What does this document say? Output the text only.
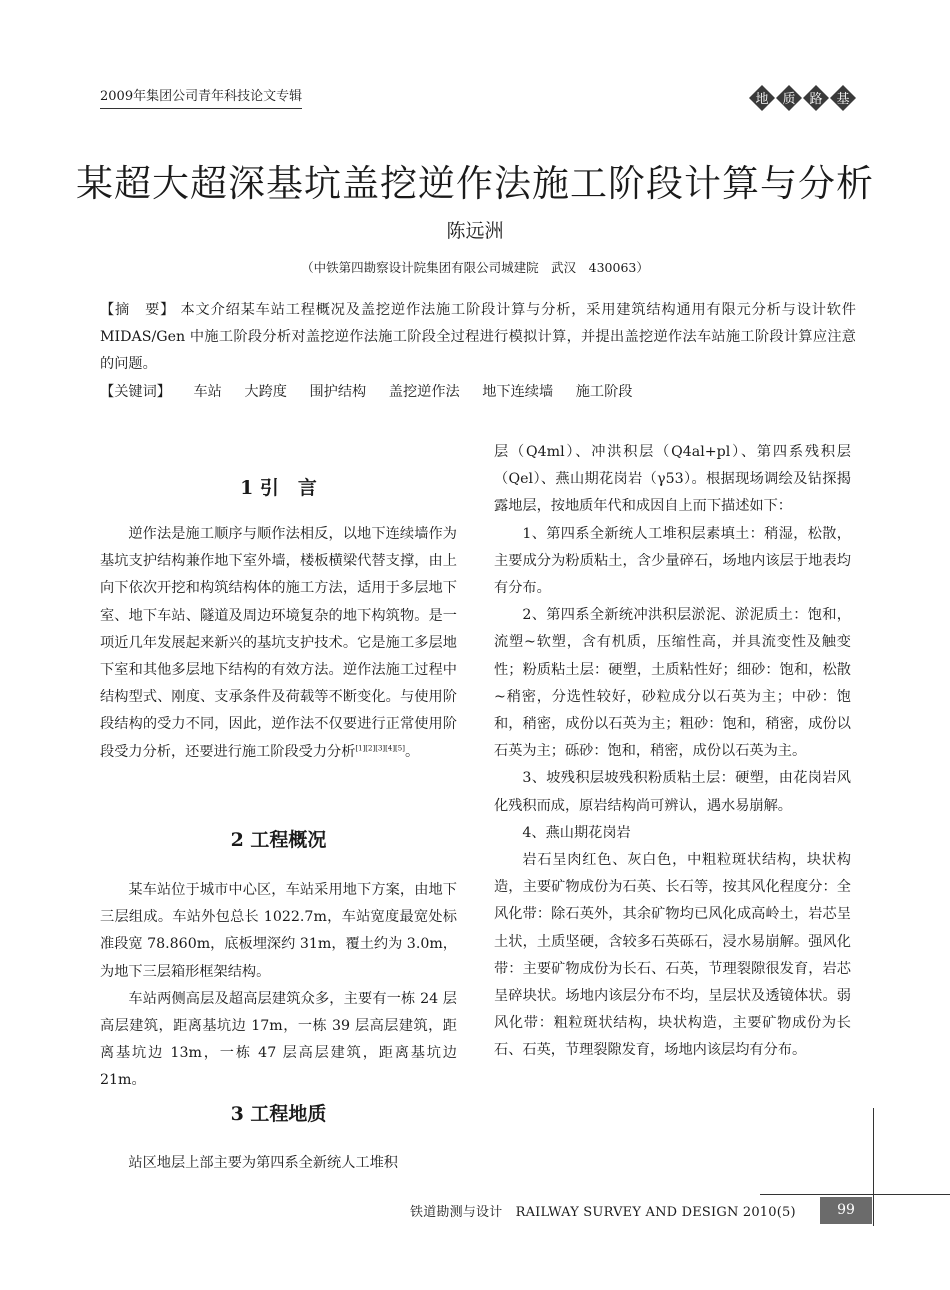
2009年集团公司青年科技论文专辑	地 质 路 基
某超大超深基坑盖挖逆作法施工阶段计算与分析
陈远洲
（中铁第四勘察设计院集团有限公司城建院　武汉　430063）
【摘　要】 本文介绍某车站工程概况及盖挖逆作法施工阶段计算与分析，采用建筑结构通用有限元分析与设计软件 MIDAS/Gen 中施工阶段分析对盖挖逆作法施工阶段全过程进行模拟计算，并提出盖挖逆作法车站施工阶段计算应注意的问题。
【关键词】 车站 大跨度 围护结构 盖挖逆作法 地下连续墙 施工阶段
1 引　言

逆作法是施工顺序与顺作法相反，以地下连续墙作为基坑支护结构兼作地下室外墙，楼板横梁代替支撑，由上向下依次开挖和构筑结构体的施工方法，适用于多层地下室、地下车站、隧道及周边环境复杂的地下构筑物。是一项近几年发展起来新兴的基坑支护技术。它是施工多层地下室和其他多层地下结构的有效方法。逆作法施工过程中结构型式、刚度、支承条件及荷载等不断变化。与使用阶段结构的受力不同，因此，逆作法不仅要进行正常使用阶段受力分析，还要进行施工阶段受力分析[1][2][3][4][5]。

2 工程概况

某车站位于城市中心区，车站采用地下方案，由地下三层组成。车站外包总长 1022.7m，车站宽度最宽处标准段宽 78.860m，底板埋深约 31m，覆土约为 3.0m，为地下三层箱形框架结构。

车站两侧高层及超高层建筑众多，主要有一栋 24 层高层建筑，距离基坑边 17m，一栋 39 层高层建筑，距离基坑边 13m，一栋 47 层高层建筑，距离基坑边 21m。

3 工程地质

站区地层上部主要为第四系全新统人工堆积

层（Q4ml）、冲洪积层（Q4al+pl）、第四系残积层（Qel）、燕山期花岗岩（γ53）。根据现场调绘及钻探揭露地层，按地质年代和成因自上而下描述如下：

1、第四系全新统人工堆积层素填土：稍湿，松散，主要成分为粉质粘土，含少量碎石，场地内该层于地表均有分布。

2、第四系全新统冲洪积层淤泥、淤泥质土：饱和，流塑~软塑，含有机质，压缩性高，并具流变性及触变性；粉质粘土层：硬塑，土质粘性好；细砂：饱和，松散~稍密，分选性较好，砂粒成分以石英为主；中砂：饱和，稍密，成份以石英为主；粗砂：饱和，稍密，成份以石英为主；砾砂：饱和，稍密，成份以石英为主。

3、坡残积层坡残积粉质粘土层：硬塑，由花岗岩风化残积而成，原岩结构尚可辨认，遇水易崩解。

4、燕山期花岗岩

岩石呈肉红色、灰白色，中粗粒斑状结构，块状构造，主要矿物成份为石英、长石等，按其风化程度分：全风化带：除石英外，其余矿物均已风化成高岭土，岩芯呈土状，土质坚硬，含较多石英砾石，浸水易崩解。强风化带：主要矿物成份为长石、石英，节理裂隙很发育，岩芯呈碎块状。场地内该层分布不均，呈层状及透镜体状。弱风化带：粗粒斑状结构，块状构造，主要矿物成份为长石、石英，节理裂隙发育，场地内该层均有分布。

铁道勘测与设计　RAILWAY SURVEY AND DESIGN 2010(5)	99
